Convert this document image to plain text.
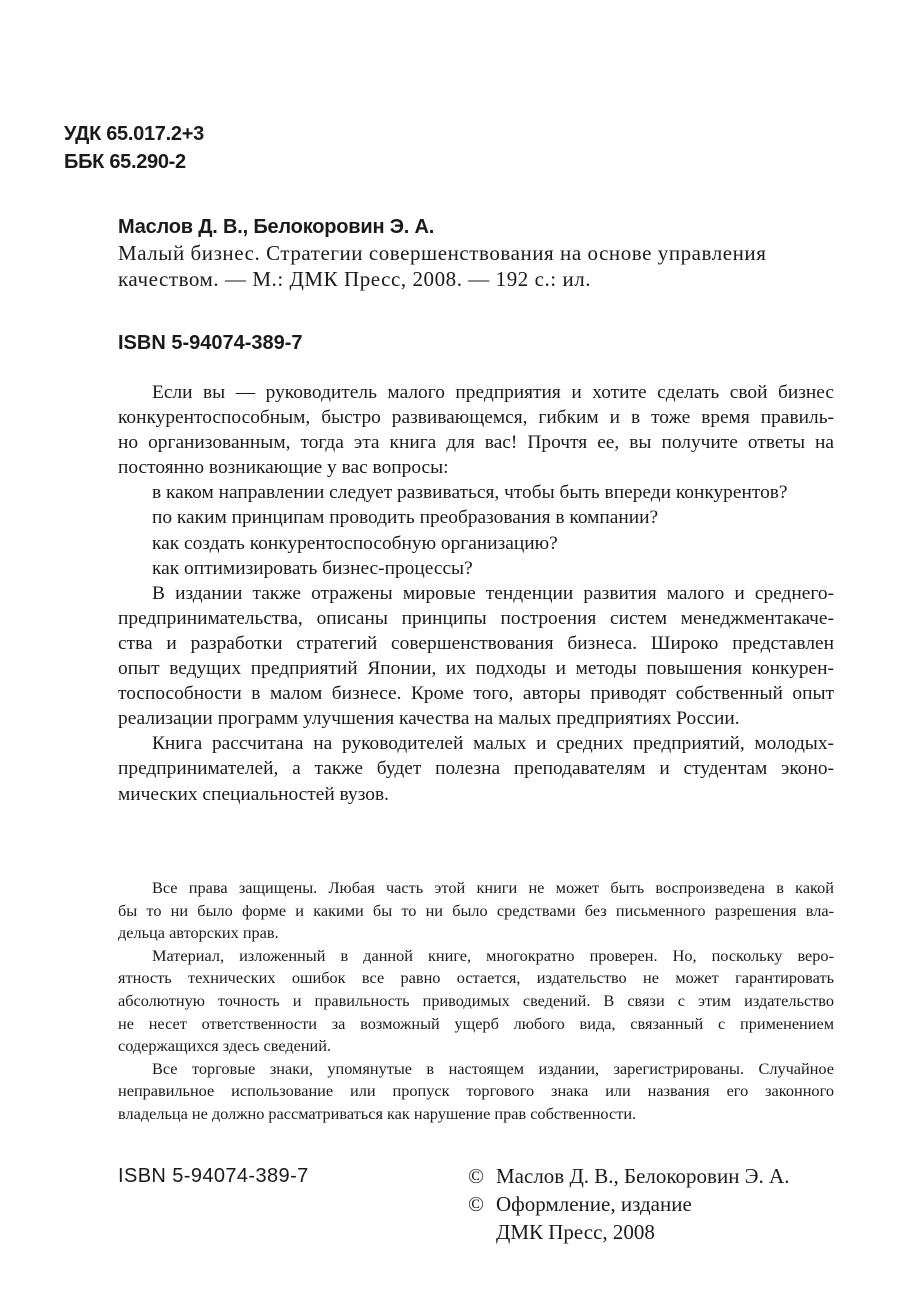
УДК 65.017.2+3
ББК 65.290-2
Маслов Д. В., Белокоровин Э. А.
Малый бизнес. Стратегии совершенствования на основе управления
качеством. — М.: ДМК Пресс, 2008. — 192 с.: ил.
ISBN 5-94074-389-7
Если вы — руководитель малого предприятия и хотите сделать свой бизнес
конкурентоспособным, быстро развивающемся, гибким и в тоже время правиль-
но организованным, тогда эта книга для вас! Прочтя ее, вы получите ответы на
постоянно возникающие у вас вопросы:
в каком направлении следует развиваться, чтобы быть впереди конкурентов?
по каким принципам проводить преобразования в компании?
как создать конкурентоспособную организацию?
как оптимизировать бизнес-процессы?
В издании также отражены мировые тенденции развития малого и среднего-
предпринимательства, описаны принципы построения систем менеджментакаче-
ства и разработки стратегий совершенствования бизнеса. Широко представлен
опыт ведущих предприятий Японии, их подходы и методы повышения конкурен-
тоспособности в малом бизнесе. Кроме того, авторы приводят собственный опыт
реализации программ улучшения качества на малых предприятиях России.
Книга рассчитана на руководителей малых и средних предприятий, молодых-
предпринимателей, а также будет полезна преподавателям и студентам эконо-
мических специальностей вузов.
Все права защищены. Любая часть этой книги не может быть воспроизведена в какой
бы то ни было форме и какими бы то ни было средствами без письменного разрешения вла-
дельца авторских прав.
Материал, изложенный в данной книге, многократно проверен. Но, поскольку веро-
ятность технических ошибок все равно остается, издательство не может гарантировать
абсолютную точность и правильность приводимых сведений. В связи с этим издательство
не несет ответственности за возможный ущерб любого вида, связанный с применением
содержащихся здесь сведений.
Все торговые знаки, упомянутые в настоящем издании, зарегистрированы. Случайное
неправильное использование или пропуск торгового знака или названия его законного
владельца не должно рассматриваться как нарушение прав собственности.
ISBN 5-94074-389-7	© Маслов Д. В., Белокоровин Э. А.
© Оформление, издание
ДМК Пресс, 2008
